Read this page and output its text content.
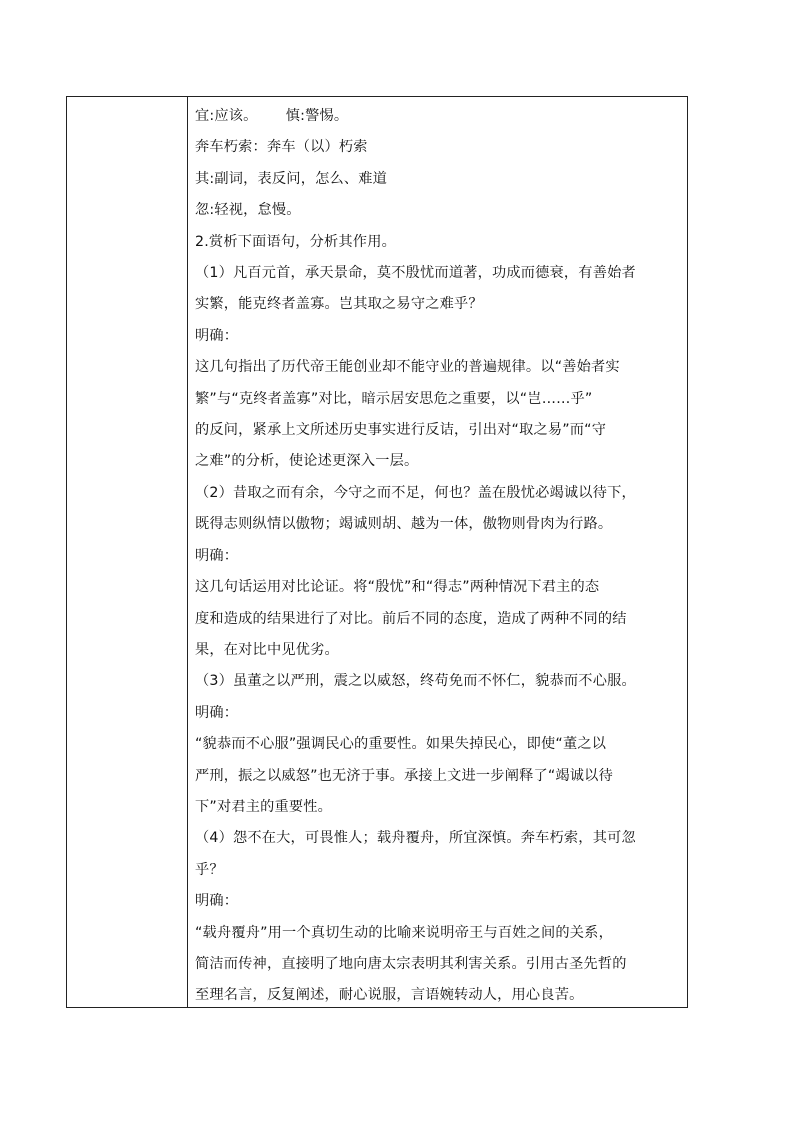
宜:应该。      慎:警惕。

奔车朽索：奔车（以）朽索

其:副词，表反问，怎么、难道

忽:轻视，怠慢。

2.赏析下面语句，分析其作用。

（1）凡百元首，承天景命，莫不殷忧而道著，功成而德衰，有善始者

实繁，能克终者盖寡。岂其取之易守之难乎？

明确：

这几句指出了历代帝王能创业却不能守业的普遍规律。以“善始者实

繁”与“克终者盖寡”对比，暗示居安思危之重要，以“岂……乎”

的反问，紧承上文所述历史事实进行反诘，引出对“取之易”而“守

之难”的分析，使论述更深入一层。

（2）昔取之而有余，今守之而不足，何也？盖在殷忧必竭诚以待下，

既得志则纵情以傲物；竭诚则胡、越为一体，傲物则骨肉为行路。

明确：

这几句话运用对比论证。将“殷忧”和“得志”两种情况下君主的态

度和造成的结果进行了对比。前后不同的态度，造成了两种不同的结

果，在对比中见优劣。

（3）虽董之以严刑，震之以威怒，终苟免而不怀仁，貌恭而不心服。

明确：

“貌恭而不心服”强调民心的重要性。如果失掉民心，即使“董之以

严刑，振之以威怒”也无济于事。承接上文进一步阐释了“竭诚以待

下”对君主的重要性。

（4）怨不在大，可畏惟人；载舟覆舟，所宜深慎。奔车朽索，其可忽

乎？

明确：

“载舟覆舟”用一个真切生动的比喻来说明帝王与百姓之间的关系，

简洁而传神，直接明了地向唐太宗表明其利害关系。引用古圣先哲的

至理名言，反复阐述，耐心说服，言语婉转动人，用心良苦。
